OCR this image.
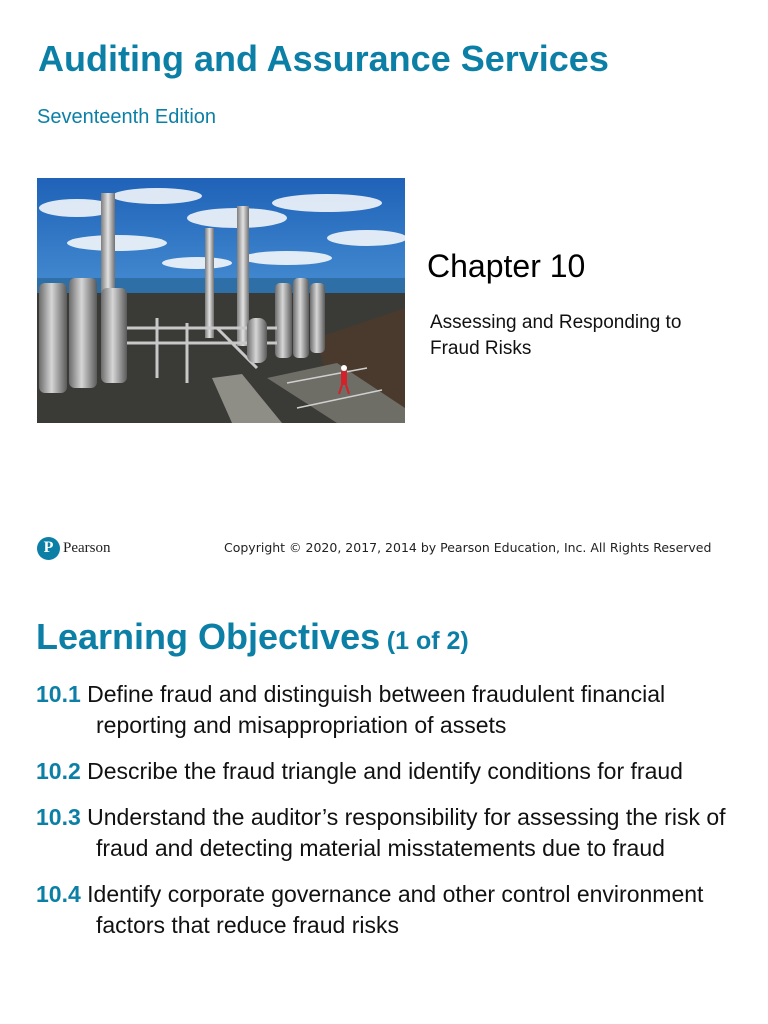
Auditing and Assurance Services
Seventeenth Edition
Chapter 10
Assessing and Responding to Fraud Risks
P Pearson	Copyright © 2020, 2017, 2014 by Pearson Education, Inc. All Rights Reserved
Learning Objectives (1 of 2)
10.1 Define fraud and distinguish between fraudulent financial reporting and misappropriation of assets
10.2 Describe the fraud triangle and identify conditions for fraud
10.3 Understand the auditor’s responsibility for assessing the risk of fraud and detecting material misstatements due to fraud
10.4 Identify corporate governance and other control environment factors that reduce fraud risks
